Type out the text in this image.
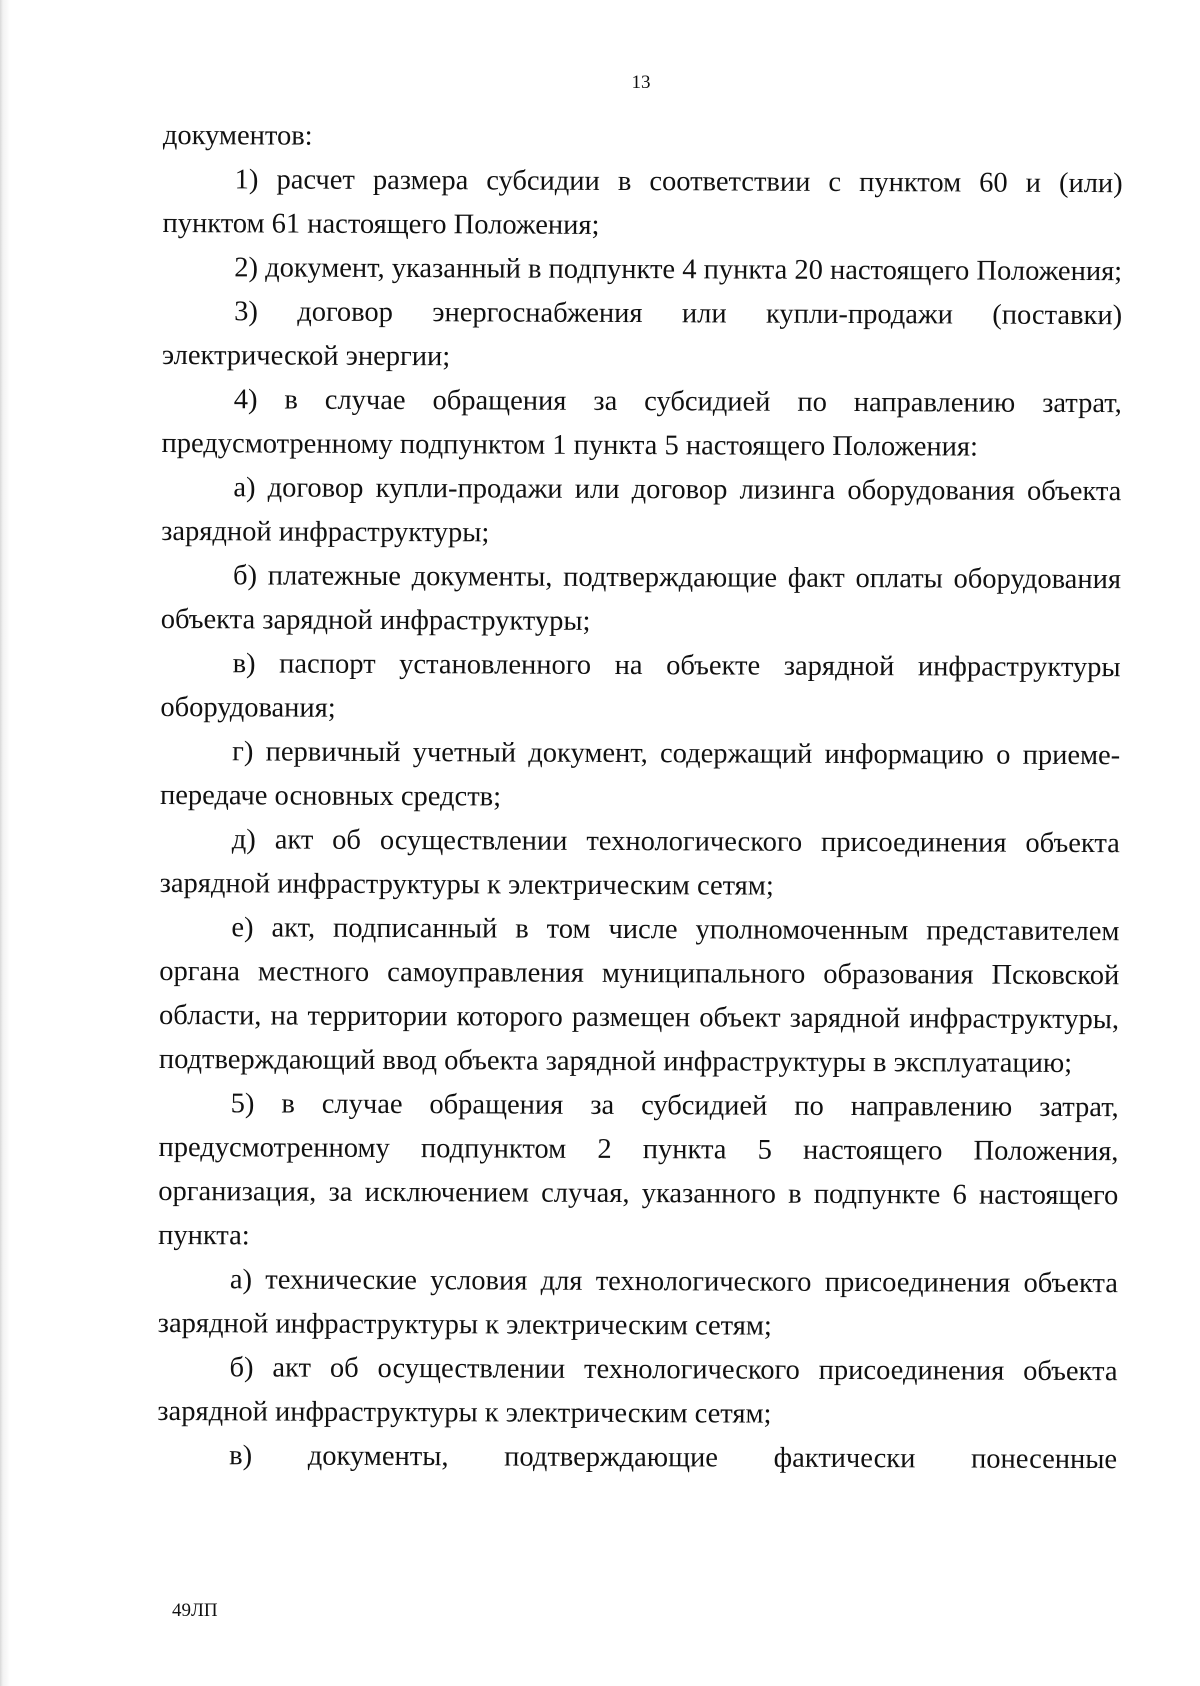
13

документов:

1) расчет размера субсидии в соответствии с пунктом 60 и (или) пунктом 61 настоящего Положения;

2) документ, указанный в подпункте 4 пункта 20 настоящего Положения;

3) договор энергоснабжения или купли-продажи (поставки) электрической энергии;

4) в случае обращения за субсидией по направлению затрат, предусмотренному подпунктом 1 пункта 5 настоящего Положения:

а) договор купли-продажи или договор лизинга оборудования объекта зарядной инфраструктуры;

б) платежные документы, подтверждающие факт оплаты оборудования объекта зарядной инфраструктуры;

в) паспорт установленного на объекте зарядной инфраструктуры оборудования;

г) первичный учетный документ, содержащий информацию о приеме-передаче основных средств;

д) акт об осуществлении технологического присоединения объекта зарядной инфраструктуры к электрическим сетям;

е) акт, подписанный в том числе уполномоченным представителем органа местного самоуправления муниципального образования Псковской области, на территории которого размещен объект зарядной инфраструктуры, подтверждающий ввод объекта зарядной инфраструктуры в эксплуатацию;

5) в случае обращения за субсидией по направлению затрат, предусмотренному подпунктом 2 пункта 5 настоящего Положения, организация, за исключением случая, указанного в подпункте 6 настоящего пункта:

а) технические условия для технологического присоединения объекта зарядной инфраструктуры к электрическим сетям;

б) акт об осуществлении технологического присоединения объекта зарядной инфраструктуры к электрическим сетям;

в) документы, подтверждающие фактически понесенные

49ЛП
